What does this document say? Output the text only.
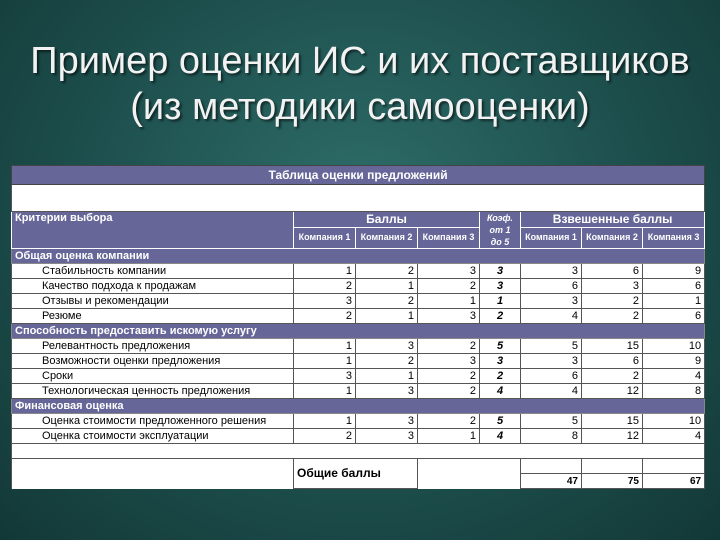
Пример оценки ИС и их поставщиков
(из методики самооценки)
Таблица оценки предложений							

Критерии выбора	Баллы			Коэф. от 1 до 5	Взвешенные баллы		
	Компания 1	Компания 2	Компания 3		Компания 1	Компания 2	Компания 3
Общая оценка компании							
Стабильность компании	1	2	3	3	3	6	9
Качество подхода к продажам	2	1	2	3	6	3	6
Отзывы и рекомендации	3	2	1	1	3	2	1
Резюме	2	1	3	2	4	2	6
Способность предоставить искомую услугу							
Релевантность предложения	1	3	2	5	5	15	10
Возможности оценки предложения	1	2	3	3	3	6	9
Сроки	3	1	2	2	6	2	4
Технологическая ценность предложения	1	3	2	4	4	12	8
Финансовая оценка							
Оценка стоимости предложенного решения	1	3	2	5	5	15	10
Оценка стоимости эксплуатации	2	3	1	4	8	12	4

	Общие баллы						
					47	75	67
